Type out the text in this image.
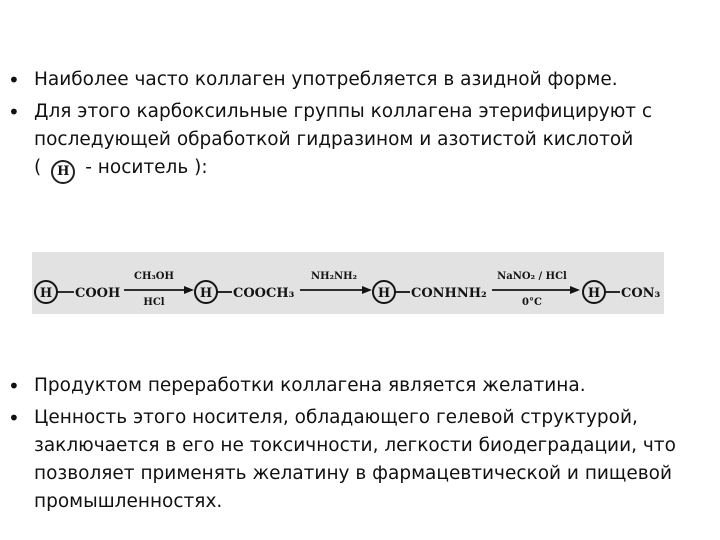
• Наиболее часто коллаген употребляется в азидной форме.
• Для этого карбоксильные группы коллагена этерифицируют с
последующей обработкой гидразином и азотистой кислотой
( H - носитель ):
H COOH
CH₃OH
HCl
H COOCH₃
NH₂NH₂
H CONHNH₂
NaNO₂ / HCl
0°C
H CON₃
• Продуктом переработки коллагена является желатина.
• Ценность этого носителя, обладающего гелевой структурой,
заключается в его не токсичности, легкости биодеградации, что
позволяет применять желатину в фармацевтической и пищевой
промышленностях.
